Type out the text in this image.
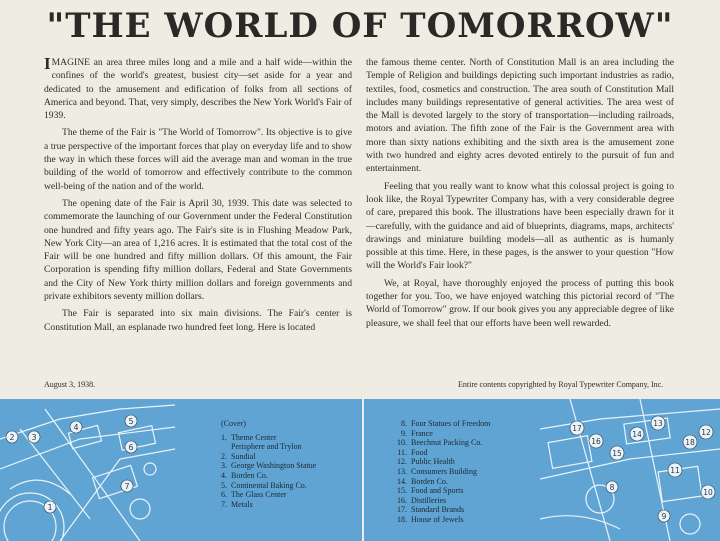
"THE WORLD OF TOMORROW"

IMAGINE an area three miles long and a mile and a half wide—within the confines of the world's greatest, busiest city—set aside for a year and dedicated to the amusement and edification of folks from all sections of America and beyond. That, very simply, describes the New York World's Fair of 1939.

The theme of the Fair is "The World of Tomorrow". Its objective is to give a true perspective of the important forces that play on everyday life and to show the way in which these forces will aid the average man and woman in the true building of the world of tomorrow and effectively contribute to the common well-being of the nation and of the world.

The opening date of the Fair is April 30, 1939. This date was selected to commemorate the launching of our Government under the Federal Constitution one hundred and fifty years ago. The Fair's site is in Flushing Meadow Park, New York City—an area of 1,216 acres. It is estimated that the total cost of the Fair will be one hundred and fifty million dollars. Of this amount, the Fair Corporation is spending fifty million dollars, Federal and State Governments and the City of New York thirty million dollars and foreign governments and private exhibitors seventy million dollars.

The Fair is separated into six main divisions. The Fair's center is Constitution Mall, an esplanade two hundred feet long. Here is located

the famous theme center. North of Constitution Mall is an area including the Temple of Religion and buildings depicting such important industries as radio, textiles, food, cosmetics and construction. The area south of Constitution Mall includes many buildings representative of general activities. The area west of the Mall is devoted largely to the story of transportation—including railroads, motors and aviation. The fifth zone of the Fair is the Government area with more than sixty nations exhibiting and the sixth area is the amusement zone with two hundred and eighty acres devoted entirely to the pursuit of fun and entertainment.

Feeling that you really want to know what this colossal project is going to look like, the Royal Typewriter Company has, with a very considerable degree of care, prepared this book. The illustrations have been especially drawn for it—carefully, with the guidance and aid of blueprints, diagrams, maps, architects' drawings and miniature building models—all as authentic as is humanly possible at this time. Here, in these pages, is the answer to your question "How will the World's Fair look?"

We, at Royal, have thoroughly enjoyed the process of putting this book together for you. Too, we have enjoyed watching this pictorial record of "The World of Tomorrow" grow. If our book gives you any appreciable degree of like pleasure, we shall feel that our efforts have been well rewarded.

August 3, 1938.	Entire contents copyrighted by Royal Typewriter Company, Inc.
1
2 3
4
5
6
7
(Cover)
1. Theme Center
Perisphere and Trylon
2. Sundial
3. George Washington Statue
4. Borden Co.
5. Continental Baking Co.
6. The Glass Center
7. Metals
8. Four Statues of Freedom
9. France
10. Beechnut Packing Co.
11. Food
12. Public Health
13. Consumers Building
14. Borden Co.
15. Food and Sports
16. Distilleries
17. Standard Brands
18. House of Jewels
8
9
10
11
12
13
14
15
16
17
18
